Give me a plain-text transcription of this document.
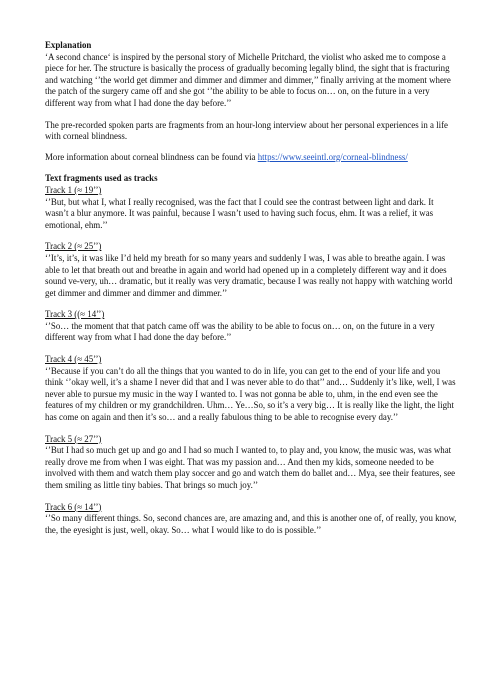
Explanation

‘A second chance‘ is inspired by the personal story of Michelle Pritchard, the violist who asked me to compose a piece for her. The structure is basically the process of gradually becoming legally blind, the sight that is fracturing and watching ‘’the world get dimmer and dimmer and dimmer and dimmer,’’ finally arriving at the moment where the patch of the surgery came off and she got ‘’the ability to be able to focus on… on, on the future in a very different way from what I had done the day before.’’

The pre-recorded spoken parts are fragments from an hour-long interview about her personal experiences in a life with corneal blindness.

More information about corneal blindness can be found via https://www.seeintl.org/corneal-blindness/

Text fragments used as tracks
Track 1 (≈ 19’’)

‘’But, but what I, what I really recognised, was the fact that I could see the contrast between light and dark. It wasn’t a blur anymore. It was painful, because I wasn’t used to having such focus, ehm. It was a relief, it was emotional, ehm.’’

Track 2 (≈ 25’’)

‘’It’s, it’s, it was like I’d held my breath for so many years and suddenly I was, I was able to breathe again. I was able to let that breath out and breathe in again and world had opened up in a completely different way and it does sound ve-very, uh… dramatic, but it really was very dramatic, because I was really not happy with watching world get dimmer and dimmer and dimmer and dimmer.’’

Track 3 ((≈ 14’’)

‘’So… the moment that that patch came off was the ability to be able to focus on… on, on the future in a very different way from what I had done the day before.’’

Track 4 (≈ 45’’)

‘’Because if you can’t do all the things that you wanted to do in life, you can get to the end of your life and you think ‘’okay well, it’s a shame I never did that and I was never able to do that’’ and… Suddenly it’s like, well, I was never able to pursue my music in the way I wanted to. I was not gonna be able to, uhm, in the end even see the features of my children or my grandchildren. Uhm… Ye…So, so it’s a very big… It is really like the light, the light has come on again and then it’s so… and a really fabulous thing to be able to recognise every day.’’

Track 5 (≈ 27’’)

‘’But I had so much get up and go and I had so much I wanted to, to play and, you know, the music was, was what really drove me from when I was eight. That was my passion and… And then my kids, someone needed to be involved with them and watch them play soccer and go and watch them do ballet and… Mya, see their features, see them smiling as little tiny babies. That brings so much joy.’’

Track 6 (≈ 14’’)

‘’So many different things. So, second chances are, are amazing and, and this is another one of, of really, you know, the, the eyesight is just, well, okay. So… what I would like to do is possible.’’
